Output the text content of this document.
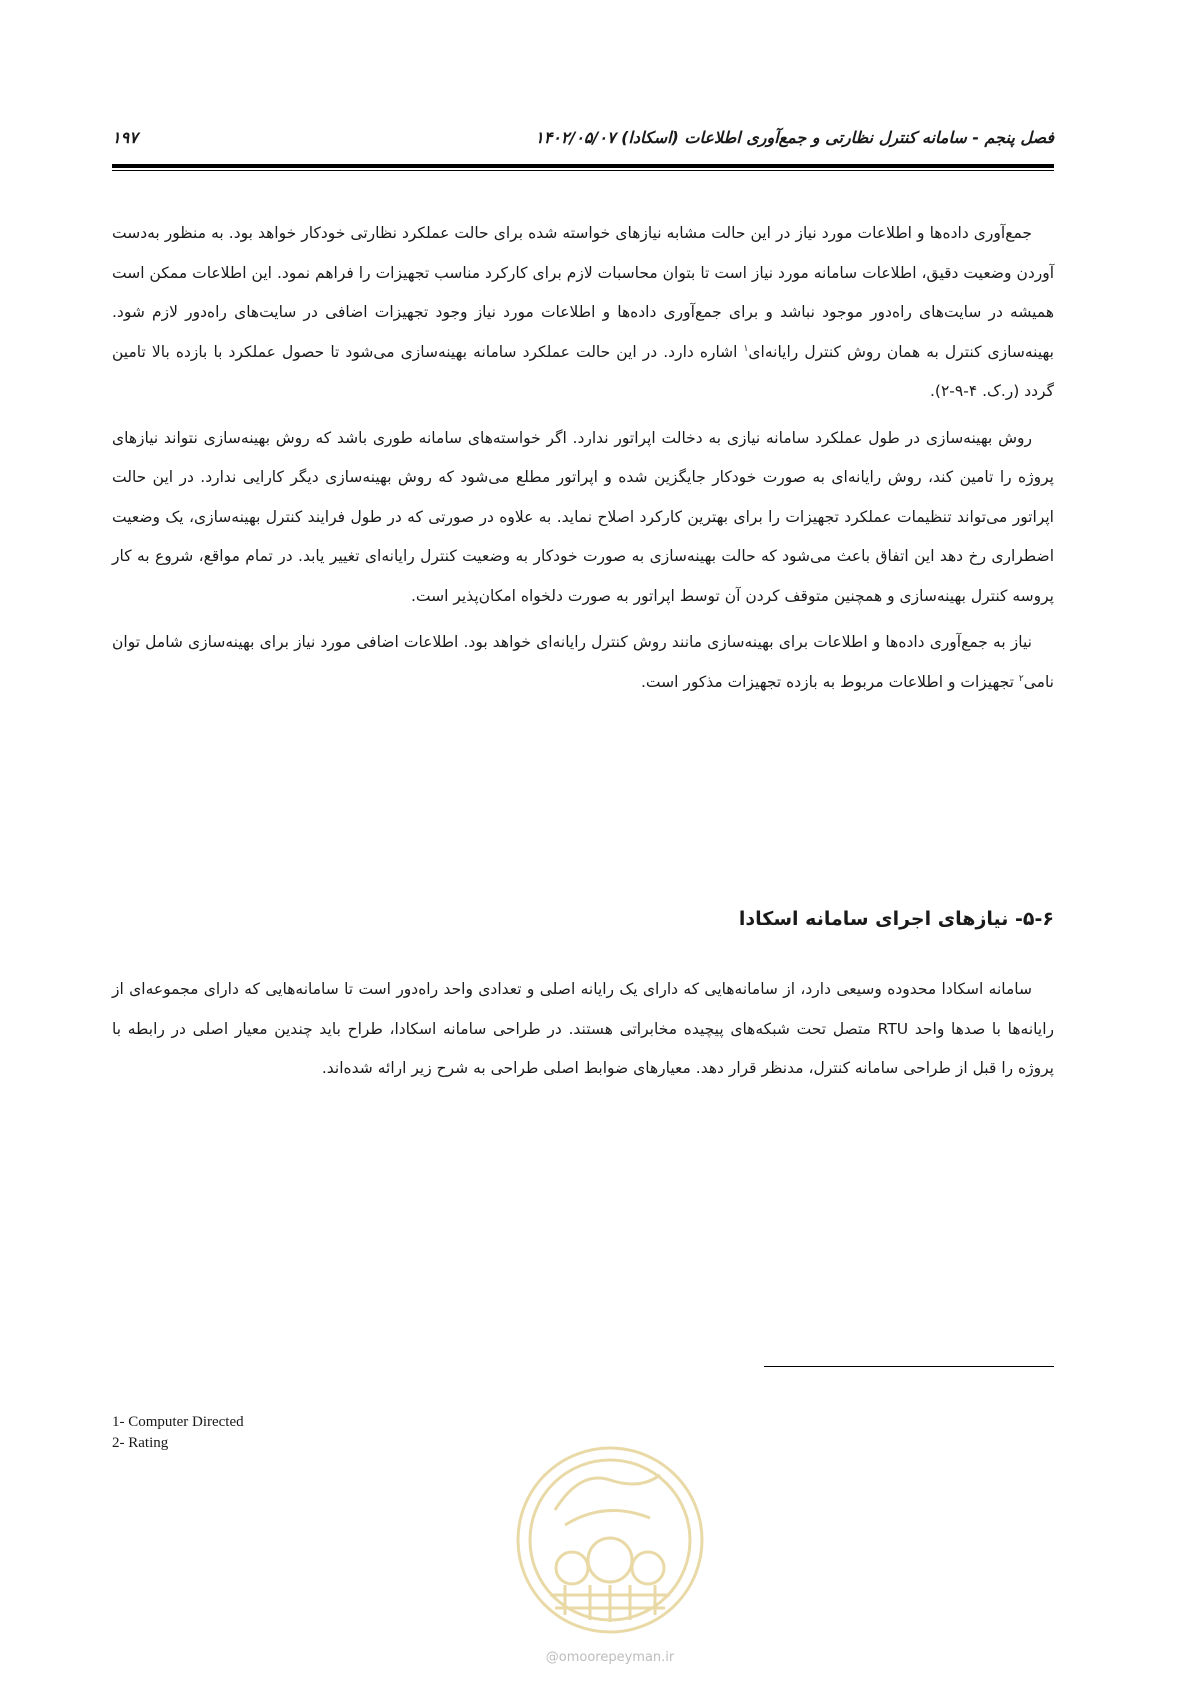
فصل پنجم - سامانه کنترل نظارتی و جمع‌آوری اطلاعات (اسکادا) ۱۴۰۲/۰۵/۰۷
۱۹۷

جمع‌آوری داده‌ها و اطلاعات مورد نیاز در این حالت مشابه نیازهای خواسته شده برای حالت عملکرد نظارتی خودکار خواهد بود. به منظور به‌دست آوردن وضعیت دقیق، اطلاعات سامانه مورد نیاز است تا بتوان محاسبات لازم برای کارکرد مناسب تجهیزات را فراهم نمود. این اطلاعات ممکن است همیشه در سایت‌های راه‌دور موجود نباشد و برای جمع‌آوری داده‌ها و اطلاعات مورد نیاز وجود تجهیزات اضافی در سایت‌های راه‌دور لازم شود. بهینه‌سازی کنترل به همان روش کنترل رایانه‌ای$^۱$ اشاره دارد. در این حالت عملکرد سامانه بهینه‌سازی می‌شود تا حصول عملکرد با بازده بالا تامین گردد (ر.ک. ۴-۹-۲).

روش بهینه‌سازی در طول عملکرد سامانه نیازی به دخالت اپراتور ندارد. اگر خواسته‌های سامانه طوری باشد که روش بهینه‌سازی نتواند نیازهای پروژه را تامین کند، روش رایانه‌ای به صورت خودکار جایگزین شده و اپراتور مطلع می‌شود که روش بهینه‌سازی دیگر کارایی ندارد. در این حالت اپراتور می‌تواند تنظیمات عملکرد تجهیزات را برای بهترین کارکرد اصلاح نماید. به علاوه در صورتی که در طول فرایند کنترل بهینه‌سازی، یک وضعیت اضطراری رخ دهد این اتفاق باعث می‌شود که حالت بهینه‌سازی به صورت خودکار به وضعیت کنترل رایانه‌ای تغییر یابد. در تمام مواقع، شروع به کار پروسه کنترل بهینه‌سازی و همچنین متوقف کردن آن توسط اپراتور به صورت دلخواه امکان‌پذیر است.

نیاز به جمع‌آوری داده‌ها و اطلاعات برای بهینه‌سازی مانند روش کنترل رایانه‌ای خواهد بود. اطلاعات اضافی مورد نیاز برای بهینه‌سازی شامل توان نامی$^۲$ تجهیزات و اطلاعات مربوط به بازده تجهیزات مذکور است.

۵-۶- نیازهای اجرای سامانه اسکادا

سامانه اسکادا محدوده وسیعی دارد، از سامانه‌هایی که دارای یک رایانه اصلی و تعدادی واحد راه‌دور است تا سامانه‌هایی که دارای مجموعه‌ای از رایانه‌ها با صدها واحد RTU متصل تحت شبکه‌های پیچیده مخابراتی هستند. در طراحی سامانه اسکادا، طراح باید چندین معیار اصلی در رابطه با پروژه را قبل از طراحی سامانه کنترل، مدنظر قرار دهد. معیارهای ضوابط اصلی طراحی به شرح زیر ارائه شده‌اند.

1- Computer Directed
2- Rating
@omoorepeyman.ir
